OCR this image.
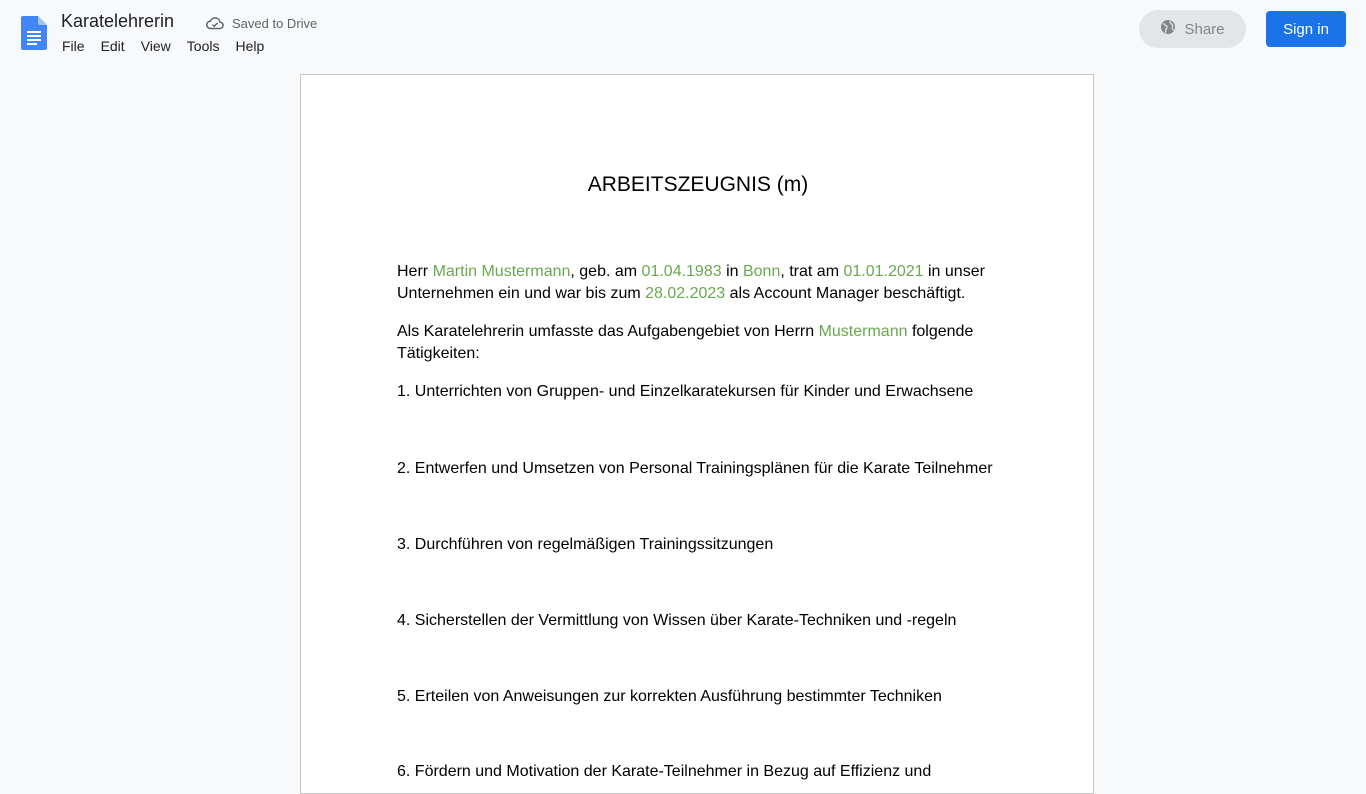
Karatelehrerin	Saved to Drive
File	Edit	View	Tools	Help
Share	Sign in
ARBEITSZEUGNIS (m)
Herr Martin Mustermann, geb. am 01.04.1983 in Bonn, trat am 01.01.2021 in unser Unternehmen ein und war bis zum 28.02.2023 als Account Manager beschäftigt.
Als Karatelehrerin umfasste das Aufgabengebiet von Herrn Mustermann folgende Tätigkeiten:
1. Unterrichten von Gruppen- und Einzelkaratekursen für Kinder und Erwachsene
2. Entwerfen und Umsetzen von Personal Trainingsplänen für die Karate Teilnehmer
3. Durchführen von regelmäßigen Trainingssitzungen
4. Sicherstellen der Vermittlung von Wissen über Karate-Techniken und -regeln
5. Erteilen von Anweisungen zur korrekten Ausführung bestimmter Techniken
6. Fördern und Motivation der Karate-Teilnehmer in Bezug auf Effizienz und
